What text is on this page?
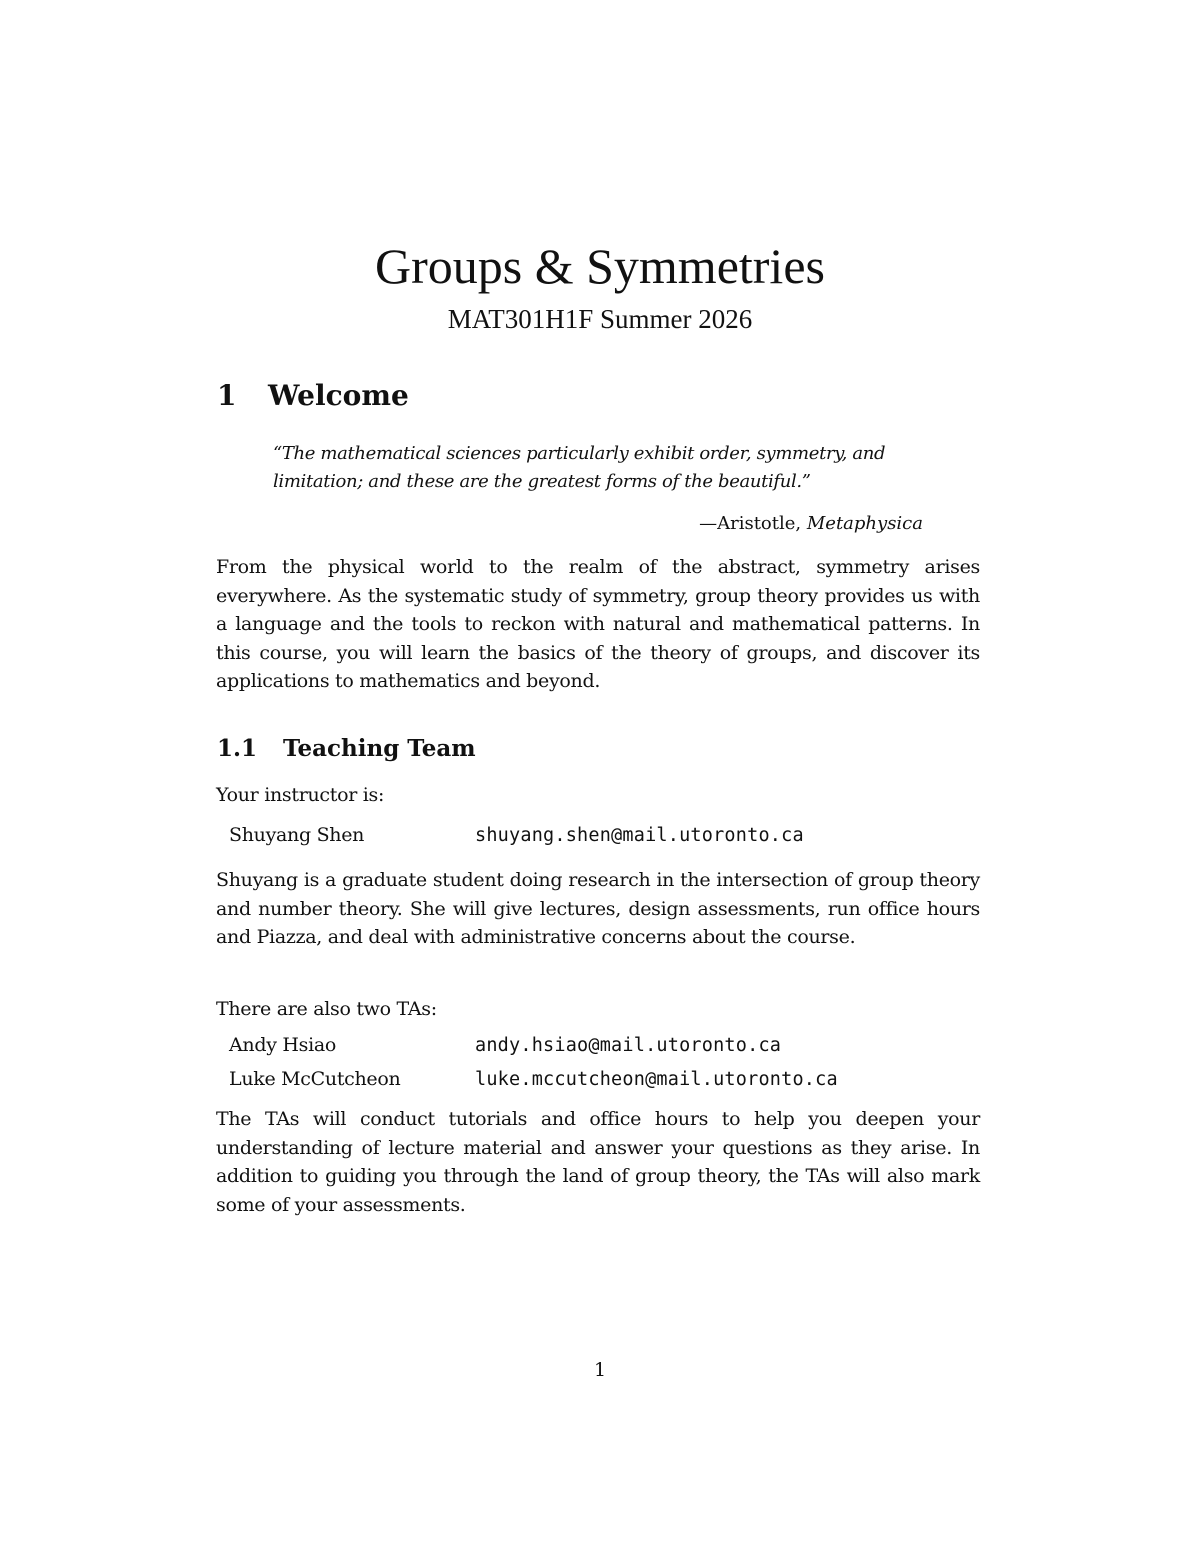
Groups & Symmetries
MAT301H1F Summer 2026
1 Welcome

“The mathematical sciences particularly exhibit order, symmetry, and limitation; and these are the greatest forms of the beautiful.”

—Aristotle, Metaphysica

From the physical world to the realm of the abstract, symmetry arises everywhere. As the systematic study of symmetry, group theory provides us with a language and the tools to reckon with natural and mathematical patterns. In this course, you will learn the basics of the theory of groups, and discover its applications to mathematics and beyond.

1.1 Teaching Team

Your instructor is:

Shuyang Shen	shuyang.shen@mail.utoronto.ca

Shuyang is a graduate student doing research in the intersection of group theory and number theory. She will give lectures, design assessments, run office hours and Piazza, and deal with administrative concerns about the course.

There are also two TAs:

Andy Hsiao	andy.hsiao@mail.utoronto.ca
Luke McCutcheon	luke.mccutcheon@mail.utoronto.ca

The TAs will conduct tutorials and office hours to help you deepen your understanding of lecture material and answer your questions as they arise. In addition to guiding you through the land of group theory, the TAs will also mark some of your assessments.

1
